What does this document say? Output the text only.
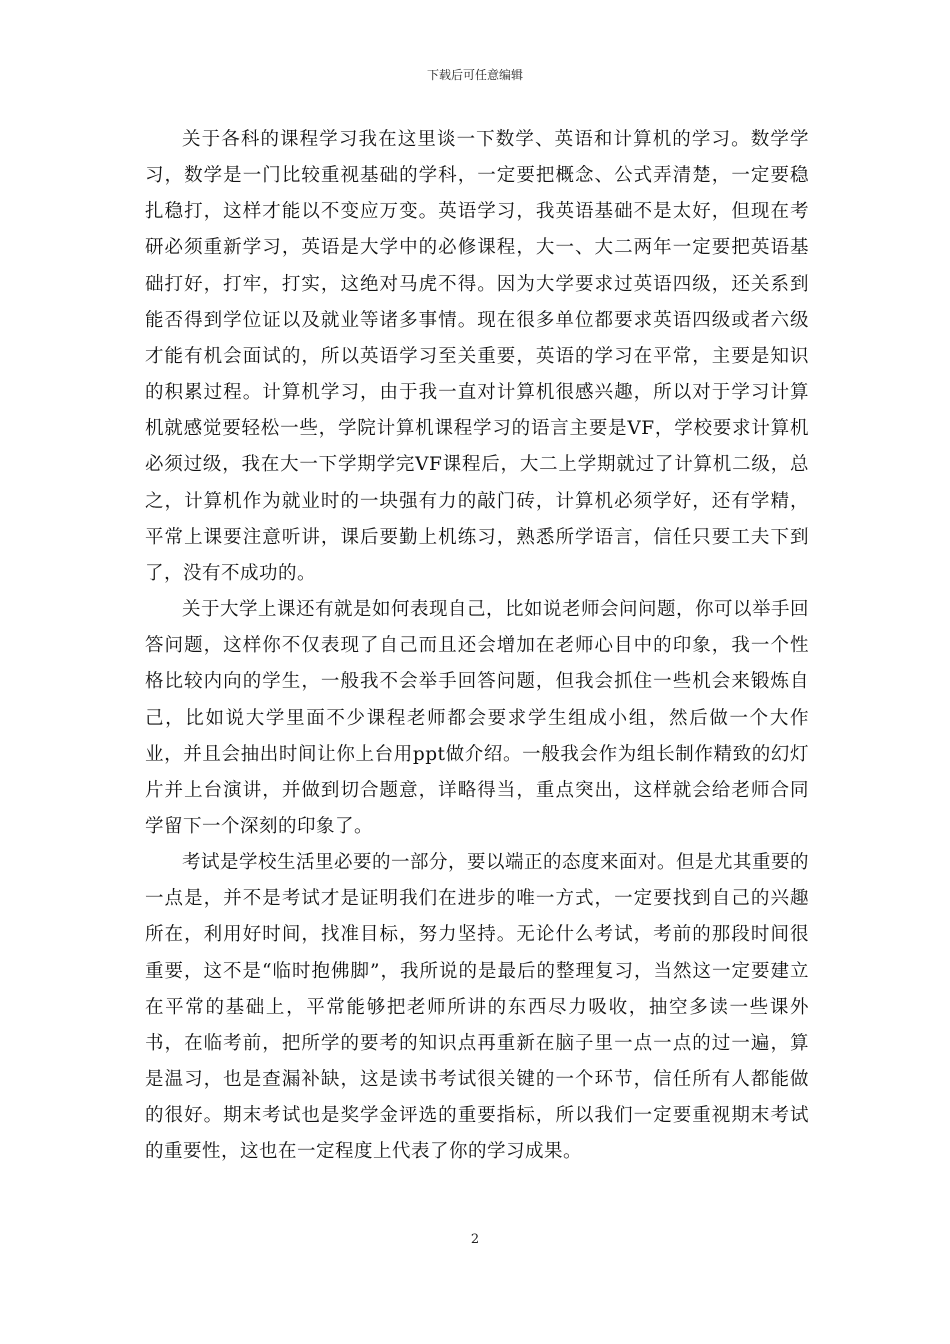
下载后可任意编辑

关于各科的课程学习我在这里谈一下数学、英语和计算机的学习。数学学习，数学是一门比较重视基础的学科，一定要把概念、公式弄清楚，一定要稳扎稳打，这样才能以不变应万变。英语学习，我英语基础不是太好，但现在考研必须重新学习，英语是大学中的必修课程，大一、大二两年一定要把英语基础打好，打牢，打实，这绝对马虎不得。因为大学要求过英语四级，还关系到能否得到学位证以及就业等诸多事情。现在很多单位都要求英语四级或者六级才能有机会面试的，所以英语学习至关重要，英语的学习在平常，主要是知识的积累过程。计算机学习，由于我一直对计算机很感兴趣，所以对于学习计算机就感觉要轻松一些，学院计算机课程学习的语言主要是VF，学校要求计算机必须过级，我在大一下学期学完VF课程后，大二上学期就过了计算机二级，总之，计算机作为就业时的一块强有力的敲门砖，计算机必须学好，还有学精，平常上课要注意听讲，课后要勤上机练习，熟悉所学语言，信任只要工夫下到了，没有不成功的。

关于大学上课还有就是如何表现自己，比如说老师会问问题，你可以举手回答问题，这样你不仅表现了自己而且还会增加在老师心目中的印象，我一个性格比较内向的学生，一般我不会举手回答问题，但我会抓住一些机会来锻炼自己，比如说大学里面不少课程老师都会要求学生组成小组，然后做一个大作业，并且会抽出时间让你上台用ppt做介绍。一般我会作为组长制作精致的幻灯片并上台演讲，并做到切合题意，详略得当，重点突出，这样就会给老师合同学留下一个深刻的印象了。

考试是学校生活里必要的一部分，要以端正的态度来面对。但是尤其重要的一点是，并不是考试才是证明我们在进步的唯一方式，一定要找到自己的兴趣所在，利用好时间，找准目标，努力坚持。无论什么考试，考前的那段时间很重要，这不是“临时抱佛脚”，我所说的是最后的整理复习，当然这一定要建立在平常的基础上，平常能够把老师所讲的东西尽力吸收，抽空多读一些课外书，在临考前，把所学的要考的知识点再重新在脑子里一点一点的过一遍，算是温习，也是查漏补缺，这是读书考试很关键的一个环节，信任所有人都能做的很好。期末考试也是奖学金评选的重要指标，所以我们一定要重视期末考试的重要性，这也在一定程度上代表了你的学习成果。

2
